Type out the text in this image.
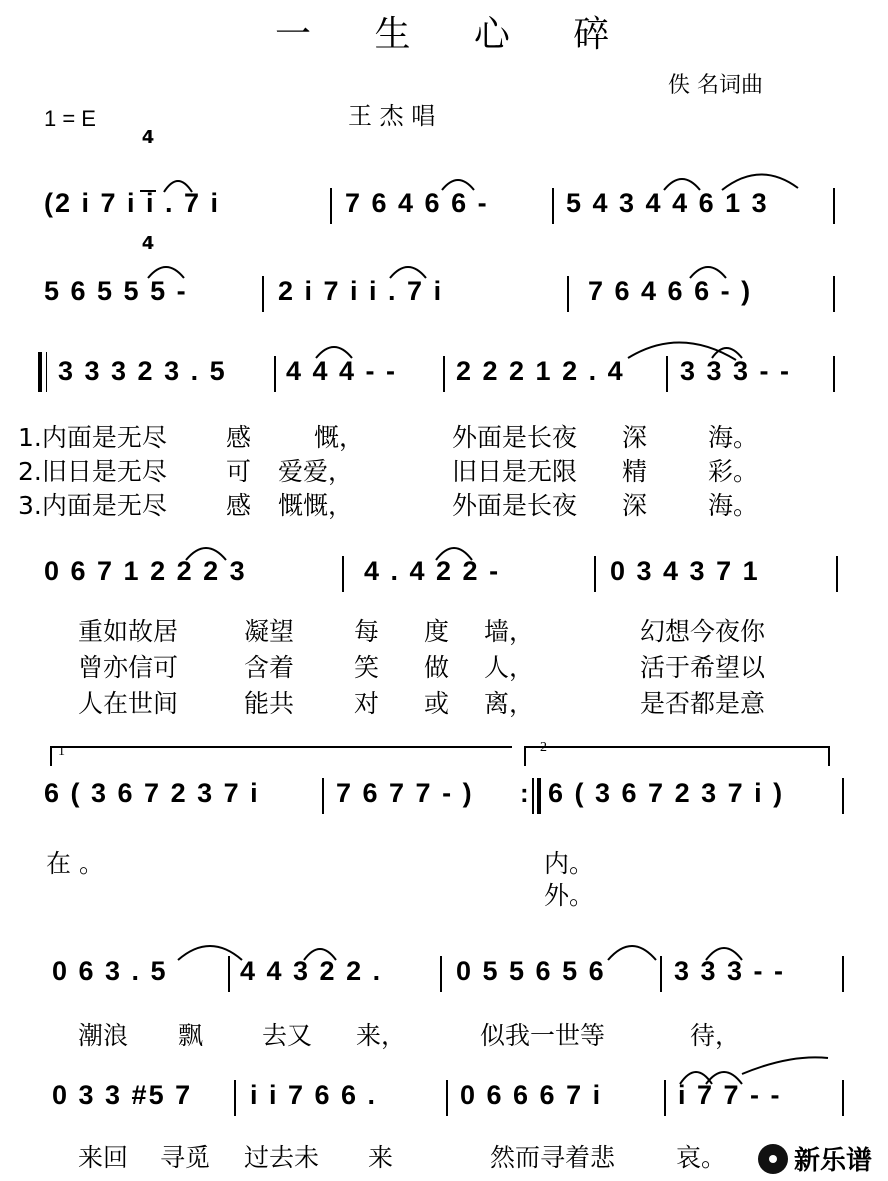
一 生 心 碎
佚 名词曲
王 杰 唱
1 = E

4

4

(2 i 7 i i . 7 i	7 6 4 6 6 -	5 4 3 4 4 6 1 3
5 6 5 5 5 -	2 i 7 i i . 7 i	7 6 4 6 6 - )
3 3 3 2 3 . 5 4 4 4 - - 2 2 2 1 2 . 4 3 3 3 - -
1.内面是无尽 感	慨，	外面是长夜 深 海。
2.旧日是无尽 可 爱爱，	旧日是无限 精 彩。
3.内面是无尽 感 慨慨，	外面是长夜 深 海。
0 6 7 1 2 2 2 3	4 . 4 2 2 -	0 3 4 3 7 1
重如故居	凝望 每 度 墙，	幻想今夜你
曾亦信可	含着 笑 做 人，	活于希望以
人在世间	能共 对 或 离，	是否都是意
1	2
6 ( 3 6 7 2 3 7 i	7 6 7 7 - ) : 6 ( 3 6 7 2 3 7 i )
在 。	内。
外。
0 6 3 . 5	4 4 3 2 2 .	0 5 5 6 5 6	3 3 3 - -
潮浪 飘 去又 来，	似我一世等	待，
0 3 3 #5 7 i i 7 6 6 .	0 6 6 6 7 i	i 7 7 - -
来回 寻觅 过去未 来	然而寻着悲 哀。	新乐谱
